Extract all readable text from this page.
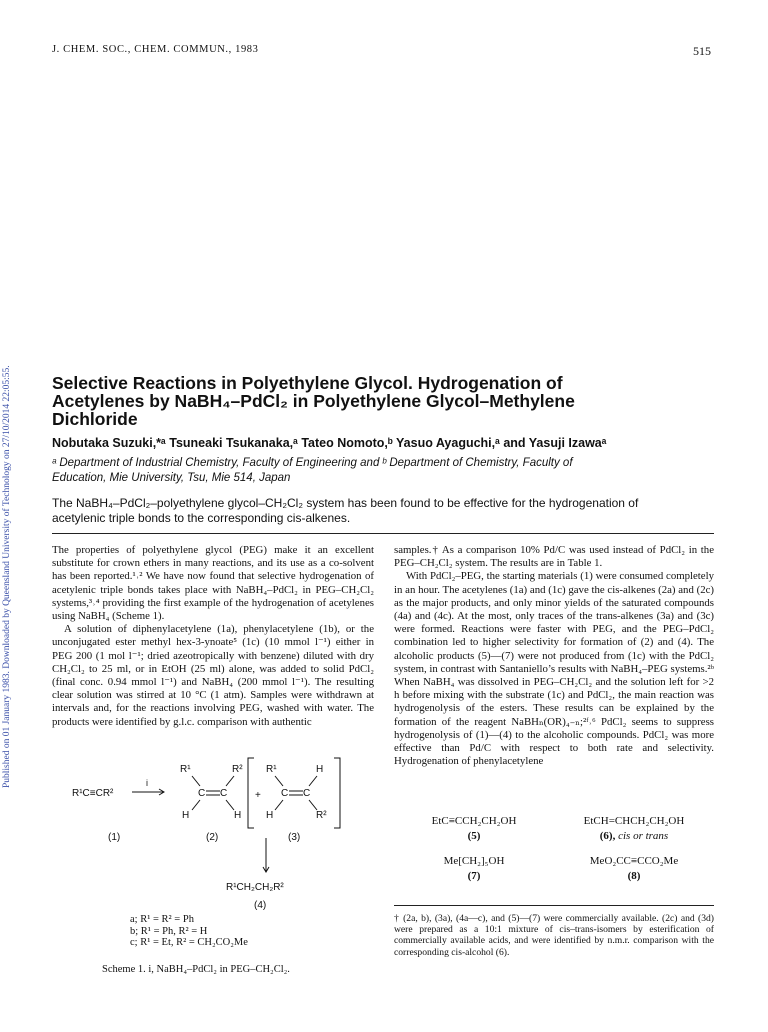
J. CHEM. SOC., CHEM. COMMUN., 1983	515
Published on 01 January 1983. Downloaded by Queensland University of Technology on 27/10/2014 22:05:55.	Selective Reactions in Polyethylene Glycol. Hydrogenation of
Acetylenes by NaBH₄–PdCl₂ in Polyethylene Glycol–Methylene
Dichloride
Nobutaka Suzuki,*ᵃ Tsuneaki Tsukanaka,ᵃ Tateo Nomoto,ᵇ Yasuo Ayaguchi,ᵃ and Yasuji Izawaᵃ
ᵃ Department of Industrial Chemistry, Faculty of Engineering and ᵇ Department of Chemistry, Faculty of
Education, Mie University, Tsu, Mie 514, Japan
The NaBH₄–PdCl₂–polyethylene glycol–CH₂Cl₂ system has been found to be effective for the hydrogenation of
acetylenic triple bonds to the corresponding cis-alkenes.

The properties of polyethylene glycol (PEG) make it an excellent substitute for crown ethers in many reactions, and its use as a co-solvent has been reported.¹˒² We have now found that selective hydrogenation of acetylenic triple bonds takes place with NaBH₄–PdCl₂ in PEG–CH₂Cl₂ systems,³˒⁴ providing the first example of the hydrogenation of acetylenes using NaBH₄ (Scheme 1).

A solution of diphenylacetylene (1a), phenylacetylene (1b), or the unconjugated ester methyl hex-3-ynoate⁵ (1c) (10 mmol l⁻¹) either in PEG 200 (1 mol l⁻¹; dried azeotropically with benzene) diluted with dry CH₂Cl₂ to 25 ml, or in EtOH (25 ml) alone, was added to solid PdCl₂ (final conc. 0.94 mmol l⁻¹) and NaBH₄ (200 mmol l⁻¹). The resulting clear solution was stirred at 10 °C (1 atm). Samples were withdrawn at intervals and, for the reactions involving PEG, washed with water. The products were identified by g.l.c. comparison with authentic

samples.† As a comparison 10% Pd/C was used instead of PdCl₂ in the PEG–CH₂Cl₂ system. The results are in Table 1.

With PdCl₂–PEG, the starting materials (1) were consumed completely in an hour. The acetylenes (1a) and (1c) gave the cis-alkenes (2a) and (2c) as the major products, and only minor yields of the saturated compounds (4a) and (4c). At the most, only traces of the trans-alkenes (3a) and (3c) were formed. Reactions were faster with PEG, and the PEG–PdCl₂ combination led to higher selectivity for formation of (2) and (4). The alcoholic products (5)—(7) were not produced from (1c) with the PdCl₂ system, in contrast with Santaniello’s results with NaBH₄–PEG systems.²ᵇ When NaBH₄ was dissolved in PEG–CH₂Cl₂ and the solution left for >2 h before mixing with the substrate (1c) and PdCl₂, the main reaction was hydrogenolysis of the esters. These results can be explained by the formation of the reagent NaBHₙ(OR)₄₋ₙ;²ᶠ˒⁶ PdCl₂ seems to suppress hydrogenolysis of (1)—(4) to the alcoholic compounds. PdCl₂ was more effective than Pd/C with respect to both rate and selectivity. Hydrogenation of phenylacetylene

R¹C≡CR²
i
R¹	R²
C C
H	H
+
R¹	H
C C
H	R²
(1)	(2)	(3)
R¹CH₂CH₂R²
(4)
a; R¹ = R² = Ph
b; R¹ = Ph, R² = H
c; R¹ = Et, R² = CH₂CO₂Me
Scheme 1. i, NaBH₄–PdCl₂ in PEG–CH₂Cl₂.
EtC≡CCH₂CH₂OH
(5)
EtCH=CHCH₂CH₂OH
(6), cis or trans
Me[CH₂]₅OH
(7)
MeO₂CC≡CCO₂Me
(8)
† (2a, b), (3a), (4a—c), and (5)—(7) were commercially available. (2c) and (3d) were prepared as a 10:1 mixture of cis–trans-isomers by esterification of commercially available acids, and were identified by n.m.r. comparison with the corresponding cis-alcohol (6).
